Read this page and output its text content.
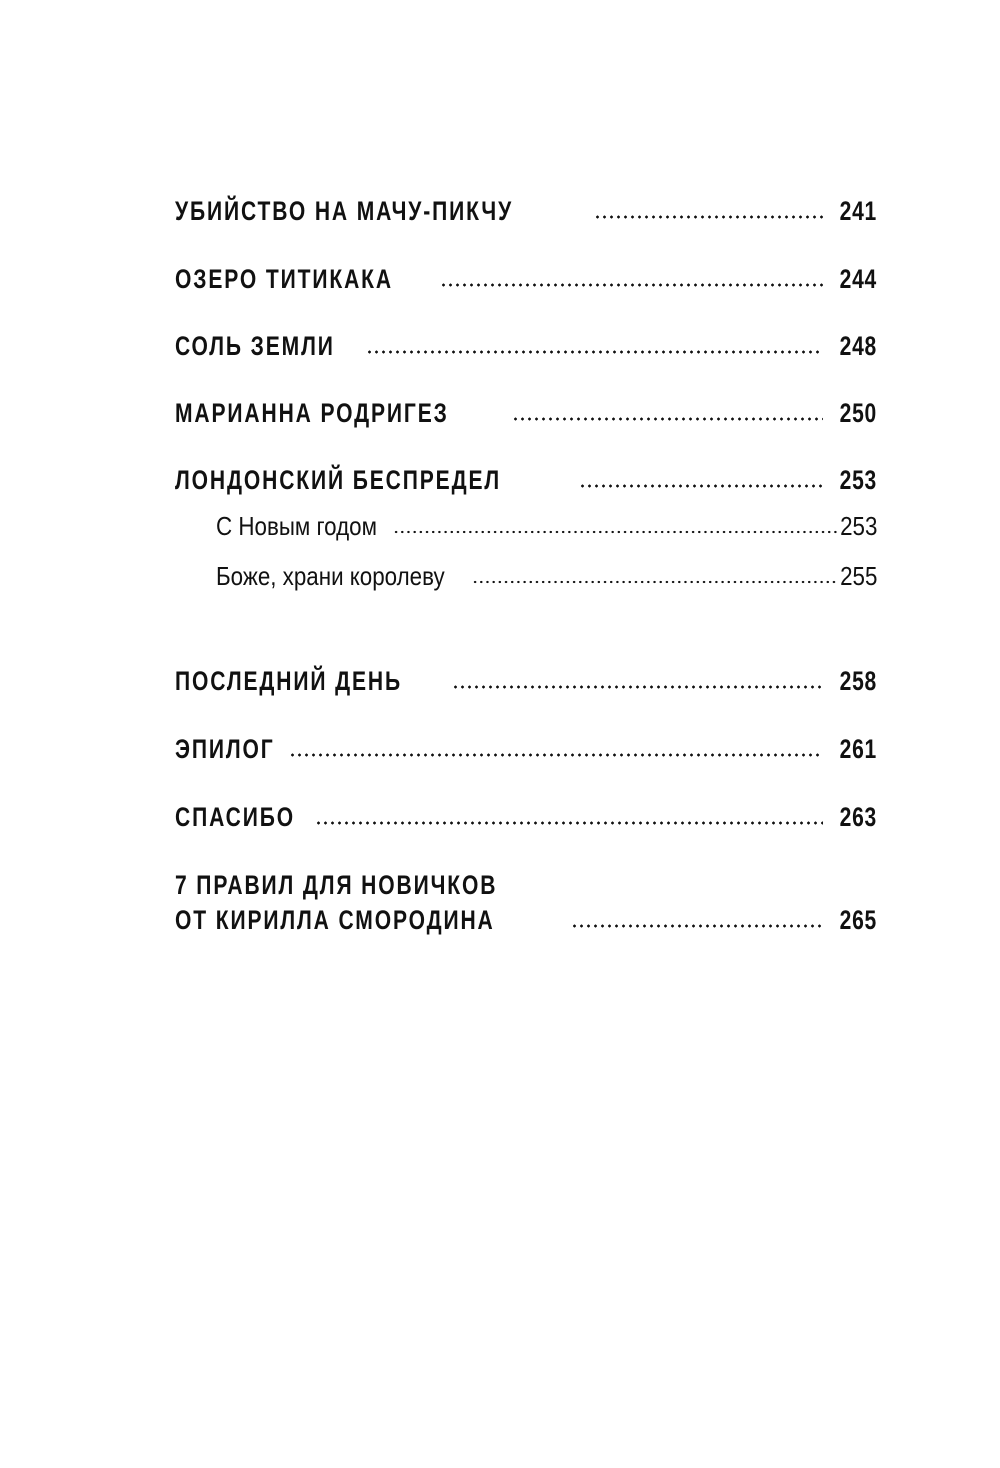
УБИЙСТВО НА МАЧУ-ПИКЧУ	241
ОЗЕРО ТИТИКАКА	244
СОЛЬ ЗЕМЛИ	248
МАРИАННА РОДРИГЕЗ	250
ЛОНДОНСКИЙ БЕСПРЕДЕЛ	253
С Новым годом	253
Боже, храни королеву	255
ПОСЛЕДНИЙ ДЕНЬ	258
ЭПИЛОГ	261
СПАСИБО	263
7 ПРАВИЛ ДЛЯ НОВИЧКОВ
ОТ КИРИЛЛА СМОРОДИНА	265
